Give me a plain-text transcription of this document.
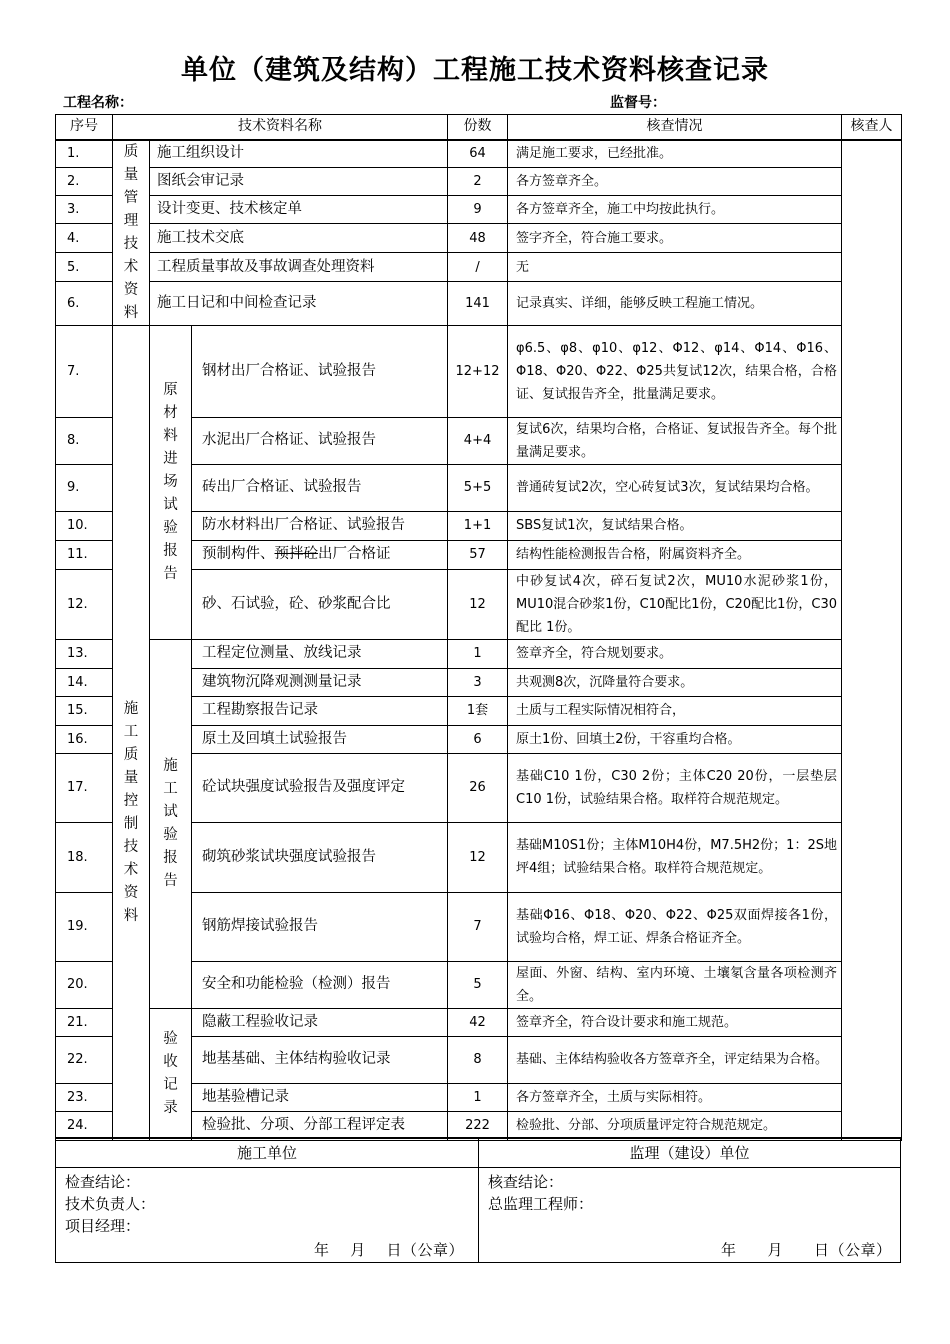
单位（建筑及结构）工程施工技术资料核查记录
工程名称：	监督号：
序号	技术资料名称			份数	核查情况	核查人
1.	质量管理技术资料	施工组织设计		64	满足施工要求，已经批准。	
2.		图纸会审记录		2	各方签章齐全。	
3.		设计变更、技术核定单		9	各方签章齐全，施工中均按此执行。	
4.		施工技术交底		48	签字齐全，符合施工要求。	
5.		工程质量事故及事故调查处理资料		/	无	
6.		施工日记和中间检查记录		141	记录真实、详细，能够反映工程施工情况。	
7.	施工质量控制技术资料	原材料进场试验报告	钢材出厂合格证、试验报告	12+12	φ6.5、φ8、φ10、φ12、Φ12、φ14、Φ14、Φ16、Φ18、Φ20、Φ22、Φ25共复试12次，结果合格，合格证、复试报告齐全，批量满足要求。	
8.			水泥出厂合格证、试验报告	4+4	复试6次，结果均合格，合格证、复试报告齐全。每个批量满足要求。	
9.			砖出厂合格证、试验报告	5+5	普通砖复试2次，空心砖复试3次，复试结果均合格。	
10.			防水材料出厂合格证、试验报告	1+1	SBS复试1次，复试结果合格。	
11.			预制构件、预拌砼出厂合格证	57	结构性能检测报告合格，附属资料齐全。	
12.			砂、石试验，砼、砂浆配合比	12	中砂复试4次，碎石复试2次，MU10水泥砂浆1份，MU10混合砂浆1份，C10配比1份，C20配比1份，C30配比 1份。	
13.		施工试验报告	工程定位测量、放线记录	1	签章齐全，符合规划要求。	
14.			建筑物沉降观测测量记录	3	共观测8次，沉降量符合要求。	
15.			工程勘察报告记录	1套	土质与工程实际情况相符合，	
16.			原土及回填土试验报告	6	原土1份、回填土2份，干容重均合格。	
17.			砼试块强度试验报告及强度评定	26	基础C10 1份，C30 2份；主体C20 20份，一层垫层C10 1份，试验结果合格。取样符合规范规定。	
18.			砌筑砂浆试块强度试验报告	12	基础M10S1份；主体M10H4份，M7.5H2份；1：2S地坪4组；试验结果合格。取样符合规范规定。	
19.			钢筋焊接试验报告	7	基础Φ16、Φ18、Φ20、Φ22、Φ25双面焊接各1份，试验均合格，焊工证、焊条合格证齐全。	
20.			安全和功能检验（检测）报告	5	屋面、外窗、结构、室内环境、土壤氡含量各项检测齐全。	
21.		验收记录	隐蔽工程验收记录	42	签章齐全，符合设计要求和施工规范。	
22.			地基基础、主体结构验收记录	8	基础、主体结构验收各方签章齐全，评定结果为合格。	
23.			地基验槽记录	1	各方签章齐全，土质与实际相符。	
24.			检验批、分项、分部工程评定表	222	检验批、分部、分项质量评定符合规范规定。	
施工单位	监理（建设）单位
检查结论：
技术负责人：
项目经理：
年　 月　 日（公章）
核查结论：
总监理工程师：
年　　月　　日（公章）
